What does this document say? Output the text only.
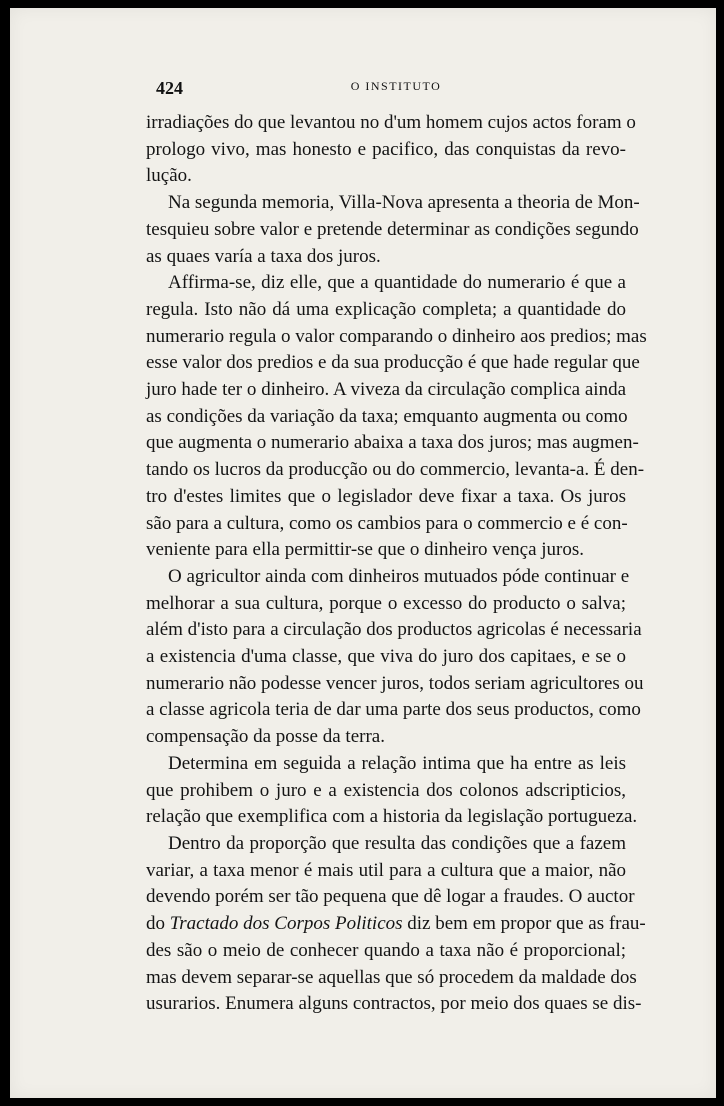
424	O INSTITUTO
irradiações do que levantou no d'um homem cujos actos foram o
prologo vivo, mas honesto e pacifico, das conquistas da revo-
lução.
Na segunda memoria, Villa-Nova apresenta a theoria de Mon-
tesquieu sobre valor e pretende determinar as condições segundo
as quaes varía a taxa dos juros.
Affirma-se, diz elle, que a quantidade do numerario é que a
regula. Isto não dá uma explicação completa; a quantidade do
numerario regula o valor comparando o dinheiro aos predios; mas
esse valor dos predios e da sua producção é que hade regular que
juro hade ter o dinheiro. A viveza da circulação complica ainda
as condições da variação da taxa; emquanto augmenta ou como
que augmenta o numerario abaixa a taxa dos juros; mas augmen-
tando os lucros da producção ou do commercio, levanta-a. É den-
tro d'estes limites que o legislador deve fixar a taxa. Os juros
são para a cultura, como os cambios para o commercio e é con-
veniente para ella permittir-se que o dinheiro vença juros.
O agricultor ainda com dinheiros mutuados póde continuar e
melhorar a sua cultura, porque o excesso do producto o salva;
além d'isto para a circulação dos productos agricolas é necessaria
a existencia d'uma classe, que viva do juro dos capitaes, e se o
numerario não podesse vencer juros, todos seriam agricultores ou
a classe agricola teria de dar uma parte dos seus productos, como
compensação da posse da terra.
Determina em seguida a relação intima que ha entre as leis
que prohibem o juro e a existencia dos colonos adscripticios,
relação que exemplifica com a historia da legislação portugueza.
Dentro da proporção que resulta das condições que a fazem
variar, a taxa menor é mais util para a cultura que a maior, não
devendo porém ser tão pequena que dê logar a fraudes. O auctor
do Tractado dos Corpos Politicos diz bem em propor que as frau-
des são o meio de conhecer quando a taxa não é proporcional;
mas devem separar-se aquellas que só procedem da maldade dos
usurarios. Enumera alguns contractos, por meio dos quaes se dis-
